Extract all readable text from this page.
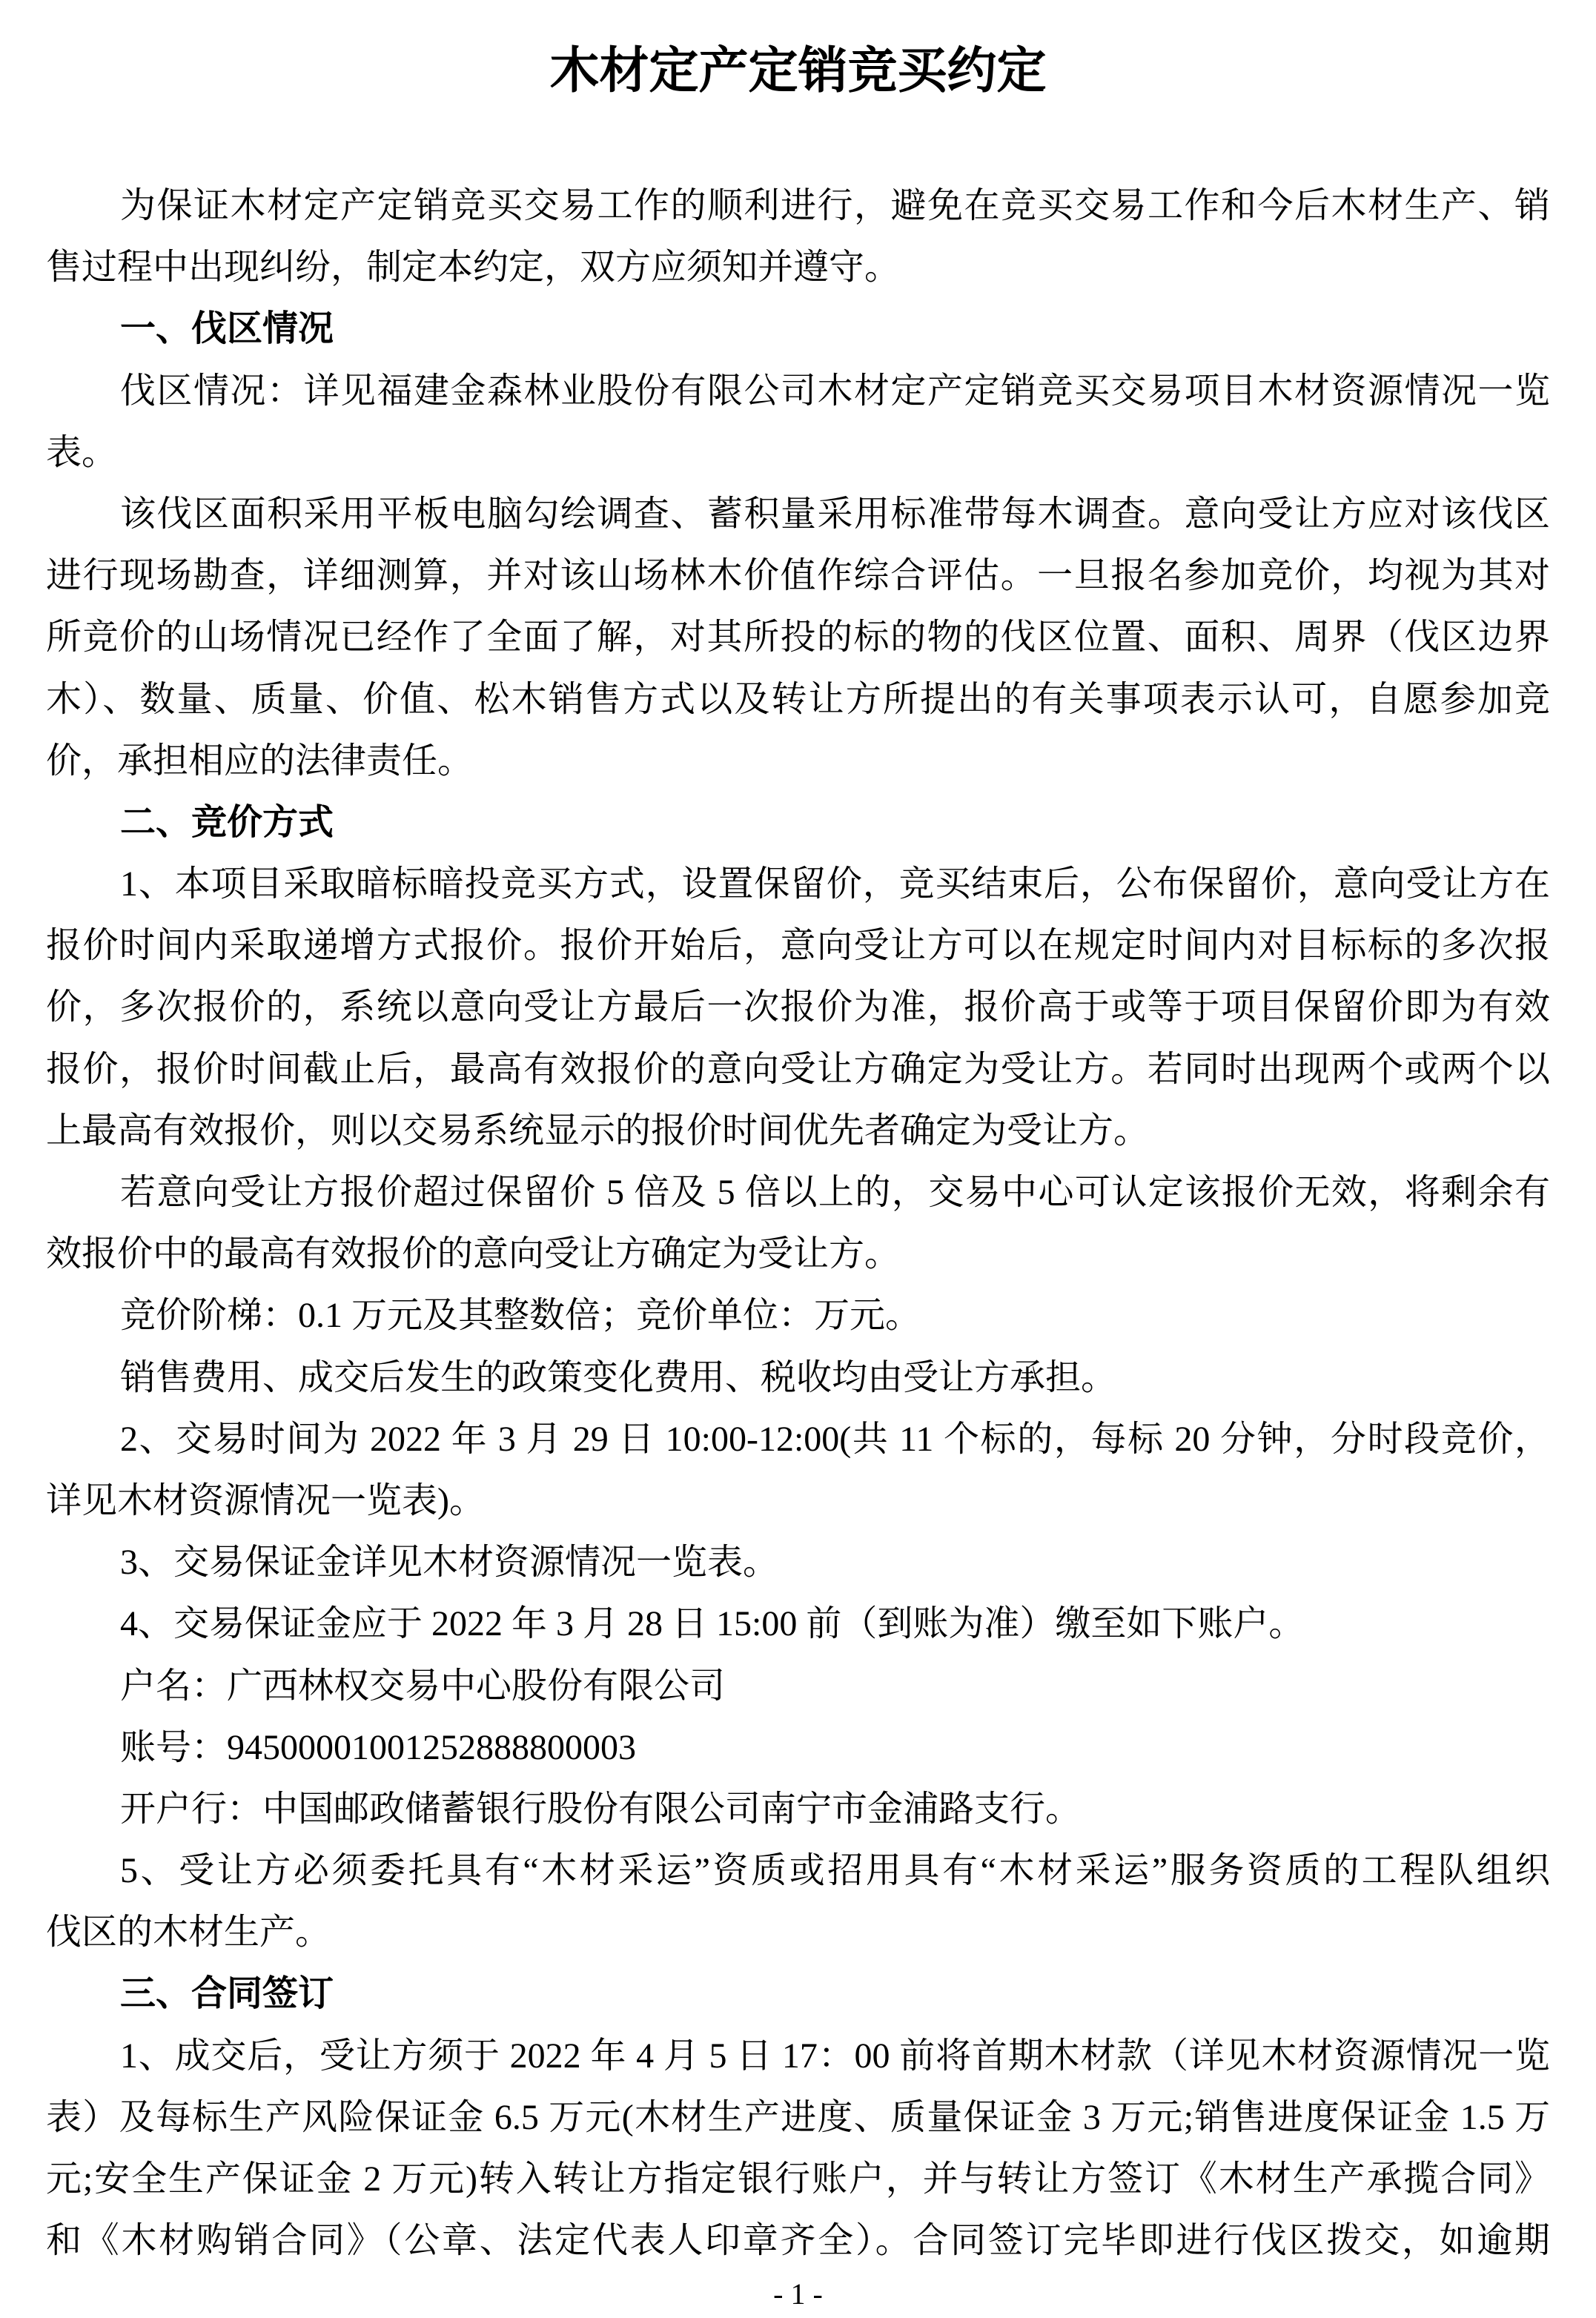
木材定产定销竞买约定
为保证木材定产定销竞买交易工作的顺利进行，避免在竞买交易工作和今后木材生产、销
售过程中出现纠纷，制定本约定，双方应须知并遵守。
一、伐区情况
伐区情况：详见福建金森林业股份有限公司木材定产定销竞买交易项目木材资源情况一览
表。
该伐区面积采用平板电脑勾绘调查、蓄积量采用标准带每木调查。意向受让方应对该伐区
进行现场勘查，详细测算，并对该山场林木价值作综合评估。一旦报名参加竞价，均视为其对
所竞价的山场情况已经作了全面了解，对其所投的标的物的伐区位置、面积、周界（伐区边界
木）、数量、质量、价值、松木销售方式以及转让方所提出的有关事项表示认可，自愿参加竞
价，承担相应的法律责任。
二、竞价方式
1、本项目采取暗标暗投竞买方式，设置保留价，竞买结束后，公布保留价，意向受让方在
报价时间内采取递增方式报价。报价开始后，意向受让方可以在规定时间内对目标标的多次报
价，多次报价的，系统以意向受让方最后一次报价为准，报价高于或等于项目保留价即为有效
报价，报价时间截止后，最高有效报价的意向受让方确定为受让方。若同时出现两个或两个以
上最高有效报价，则以交易系统显示的报价时间优先者确定为受让方。
若意向受让方报价超过保留价 5 倍及 5 倍以上的，交易中心可认定该报价无效，将剩余有
效报价中的最高有效报价的意向受让方确定为受让方。
竞价阶梯：0.1 万元及其整数倍；竞价单位：万元。
销售费用、成交后发生的政策变化费用、税收均由受让方承担。
2、交易时间为 2022 年 3 月 29 日 10:00-12:00(共 11 个标的，每标 20 分钟，分时段竞价，
详见木材资源情况一览表)。
3、交易保证金详见木材资源情况一览表。
4、交易保证金应于 2022 年 3 月 28 日 15:00 前（到账为准）缴至如下账户。
户名：广西林权交易中心股份有限公司
账号：94500001001252888800003
开户行：中国邮政储蓄银行股份有限公司南宁市金浦路支行。
5、受让方必须委托具有“木材采运”资质或招用具有“木材采运”服务资质的工程队组织
伐区的木材生产。
三、合同签订
1、成交后，受让方须于 2022 年 4 月 5 日 17：00 前将首期木材款（详见木材资源情况一览
表）及每标生产风险保证金 6.5 万元(木材生产进度、质量保证金 3 万元;销售进度保证金 1.5 万
元;安全生产保证金 2 万元)转入转让方指定银行账户，并与转让方签订《木材生产承揽合同》
和《木材购销合同》（公章、法定代表人印章齐全）。合同签订完毕即进行伐区拨交，如逾期
- 1 -
